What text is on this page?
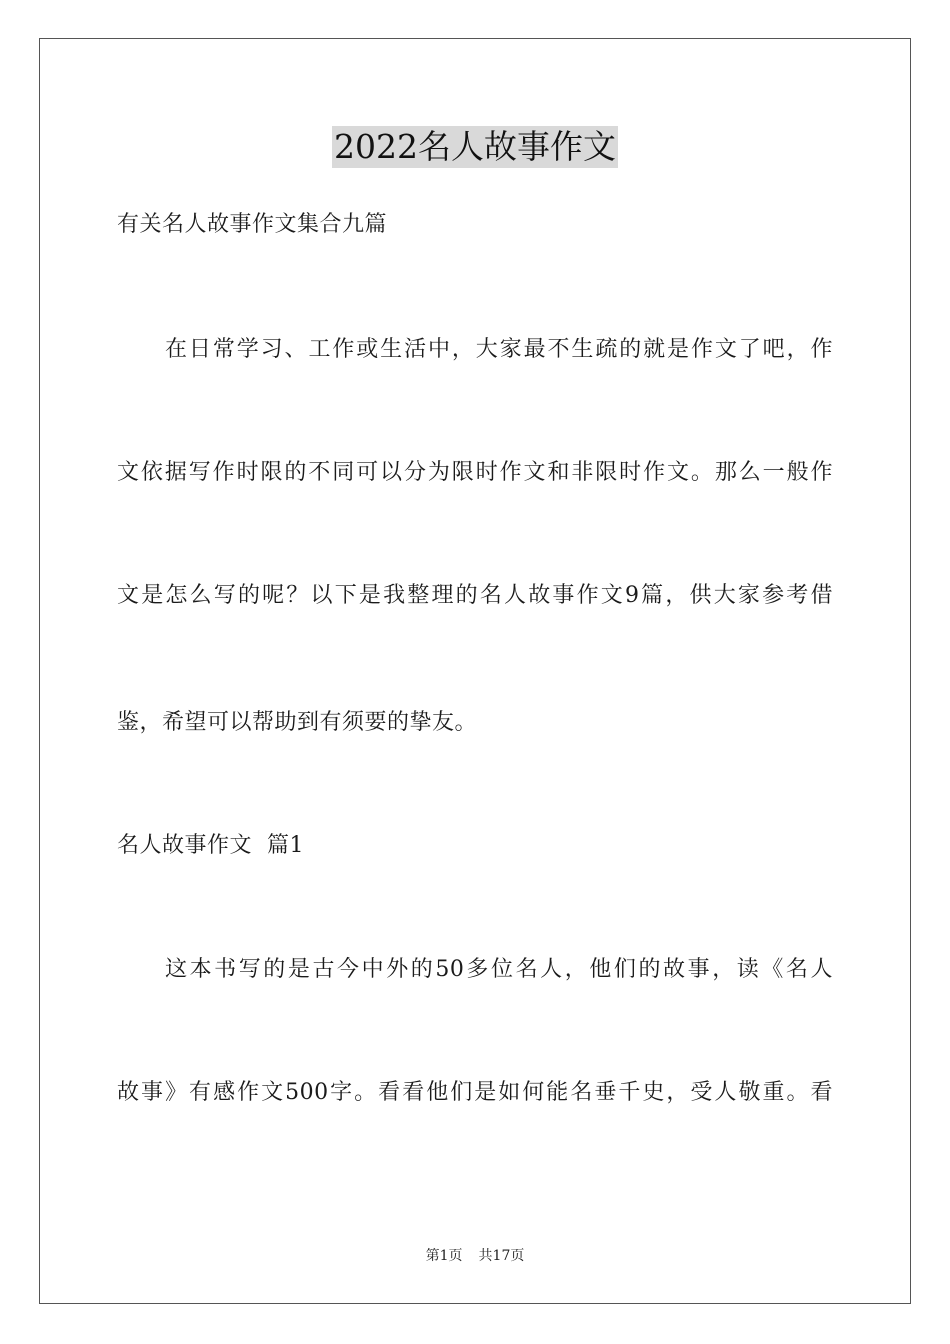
2022名人故事作文
有关名人故事作文集合九篇
在日常学习、工作或生活中，大家最不生疏的就是作文了吧，作
文依据写作时限的不同可以分为限时作文和非限时作文。那么一般作
文是怎么写的呢？以下是我整理的名人故事作文9篇，供大家参考借
鉴，希望可以帮助到有须要的挚友。
名人故事作文  篇1
这本书写的是古今中外的50多位名人，他们的故事，读《名人
故事》有感作文500字。看看他们是如何能名垂千史，受人敬重。看
第1页 共17页
